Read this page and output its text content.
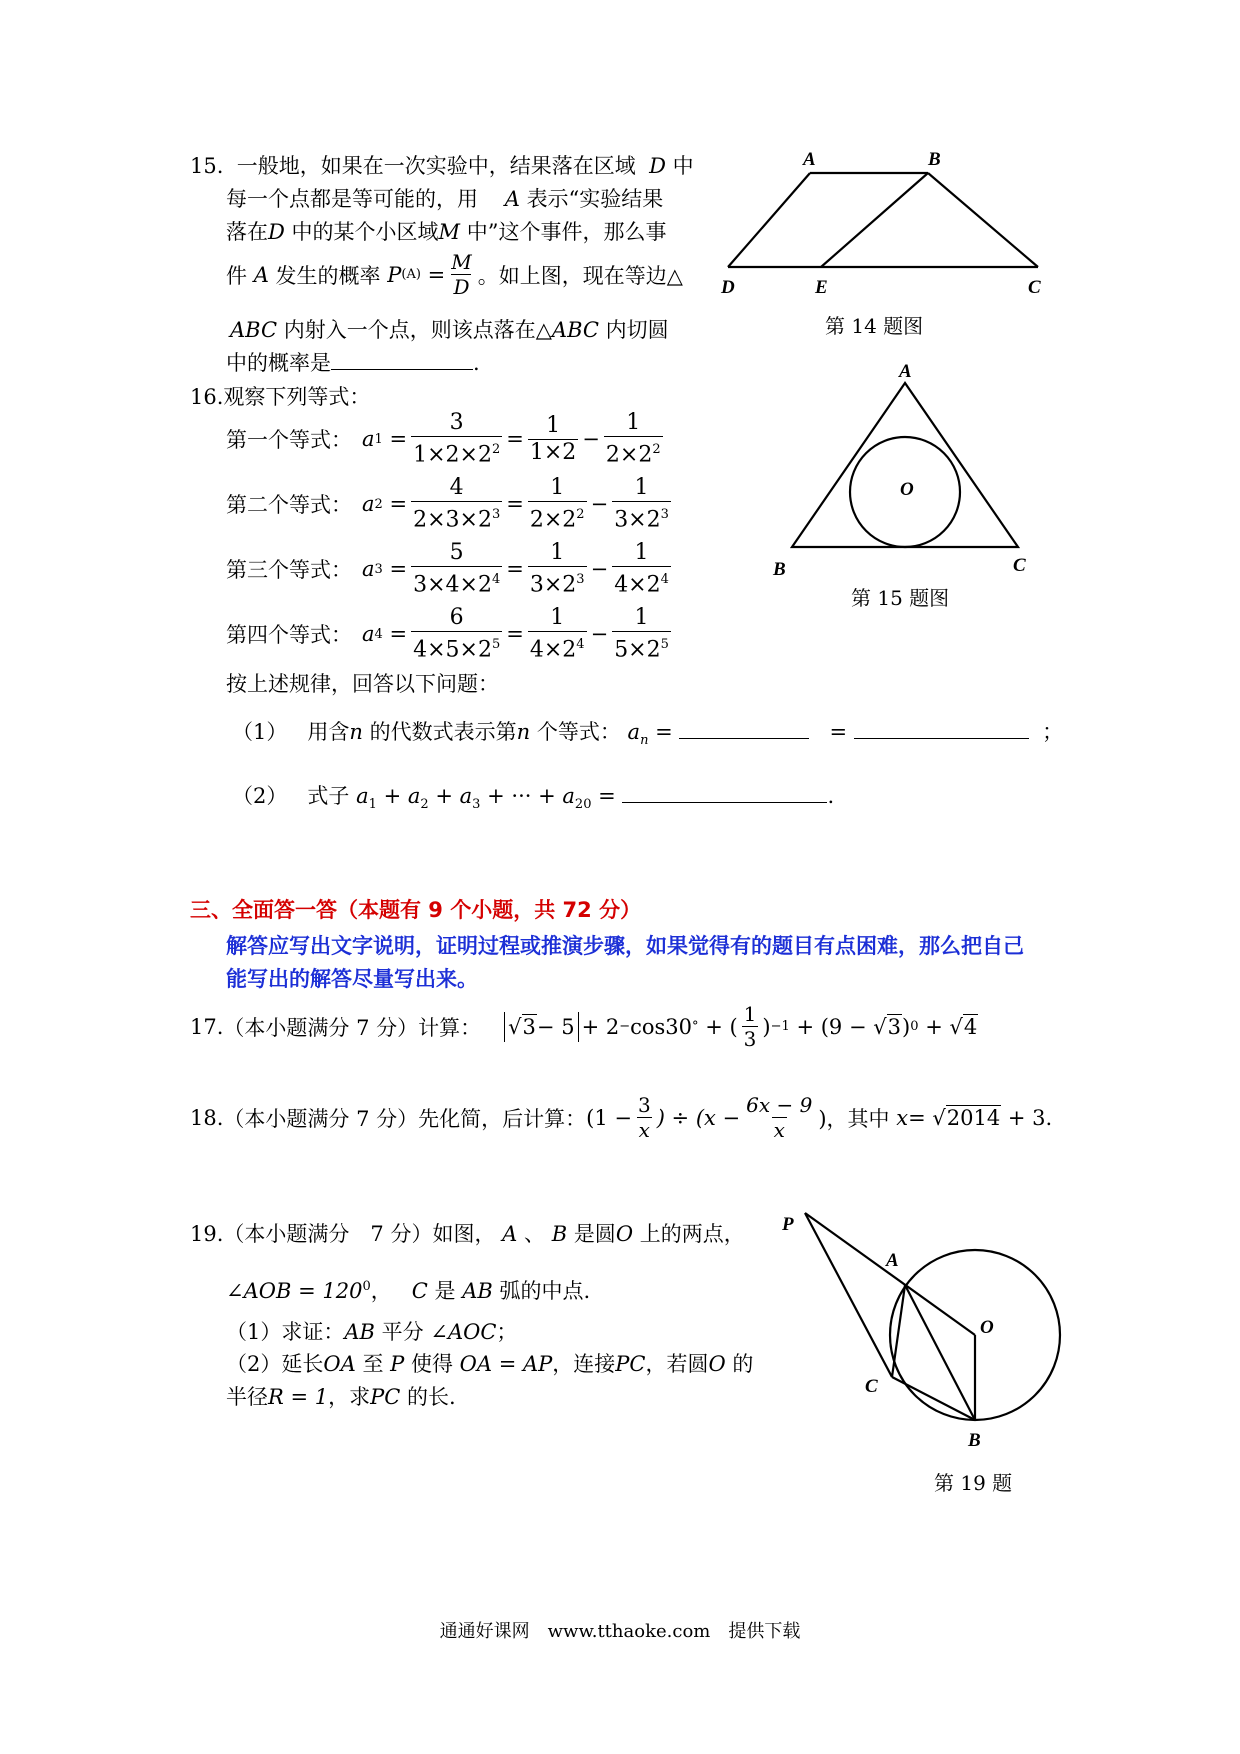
15. 一般地，如果在一次实验中，结果落在区域 D 中
每一个点都是等可能的，用 A 表示“实验结果
落在D 中的某个小区域M 中”这个事件，那么事
件
A
发生的概率
P (A)
= $\frac{M}{D}$ 。如上图，现在等边△
ABC 内射入一个点，则该点落在△ABC 内切圆
中的概率是	.
16.观察下列等式：
第一个等式： a 1
= $\frac{3}{1\times 2\times 2^2} = \frac{1}{1\times 2} - \frac{1}{2\times 2^2}$
第二个等式： a 2
= $\frac{4}{2\times 3\times 2^3} = \frac{1}{2\times 2^2} - \frac{1}{3\times 2^3}$
第三个等式： a 3
= $\frac{5}{3\times 4\times 2^4} = \frac{1}{3\times 2^3} - \frac{1}{4\times 2^4}$
第四个等式： a 4
= $\frac{6}{4\times 5\times 2^5} = \frac{1}{4\times 2^4} - \frac{1}{5\times 2^5}$
按上述规律，回答以下问题：
（1） 用含n 的代数式表示第n 个等式： $a_n$ =	=	；
（2） 式子 $a_1 + a_2 + a_3$ + ··· + $a_{20}$ =	.
A	B
D	E	C
第 14 题图
A
O
B	C
第 15 题图
三、全面答一答（本题有 9 个小题，共 72 分）
解答应写出文字说明，证明过程或推演步骤，如果觉得有的题目有点困难，那么把自己
能写出的解答尽量写出来。
17. （本小题满分 7 分）计算：
√ 3 − 5 + 2 − cos30 °
+ ( $\frac{1}{3}$ ) −1
+ (9 −
√ 3 ) 0
+
√ 4
18. （本小题满分 7 分）先化简，后计算： ($1 - \frac{3}{x}$ ) ÷ ($x - \frac{6x - 9}{x}$ )，其中
x =
√ 2014
+ 3.
19.（本小题满分　7 分）如图， A 、 B 是圆O 上的两点，
∠AOB = $120^0$， C 是 AB 弧的中点.
（1）求证：AB 平分 ∠AOC；
（2）延长OA 至 P 使得 OA = AP，连接PC，若圆O 的
半径R = 1，求PC 的长.
P
A
O
C
B
第 19 题
通通好课网　www.tthaoke.com　提供下载
